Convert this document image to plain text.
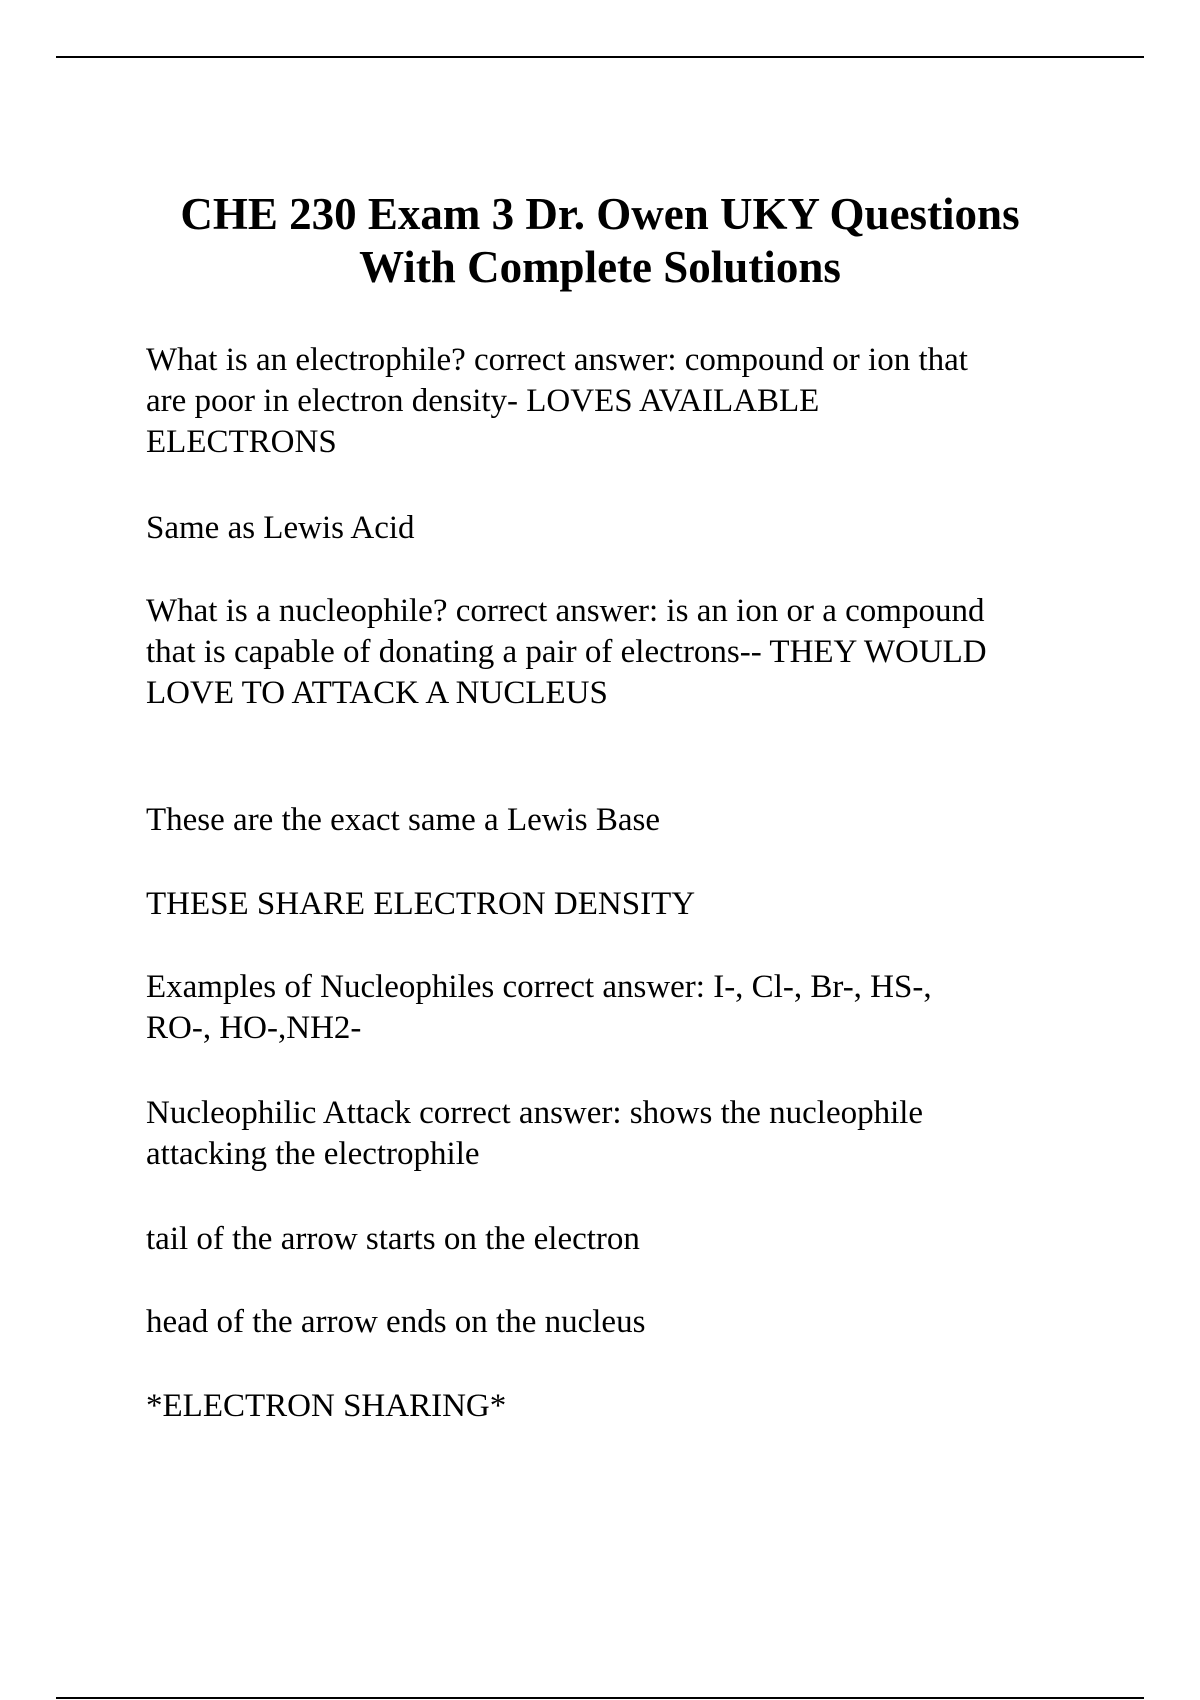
CHE 230 Exam 3 Dr. Owen UKY Questions
With Complete Solutions

What is an electrophile? correct answer: compound or ion that
are poor in electron density- LOVES AVAILABLE
ELECTRONS

Same as Lewis Acid

What is a nucleophile? correct answer: is an ion or a compound
that is capable of donating a pair of electrons-- THEY WOULD
LOVE TO ATTACK A NUCLEUS

These are the exact same a Lewis Base

THESE SHARE ELECTRON DENSITY

Examples of Nucleophiles correct answer: I-, Cl-, Br-, HS-,
RO-, HO-,NH2-

Nucleophilic Attack correct answer: shows the nucleophile
attacking the electrophile

tail of the arrow starts on the electron

head of the arrow ends on the nucleus

*ELECTRON SHARING*
